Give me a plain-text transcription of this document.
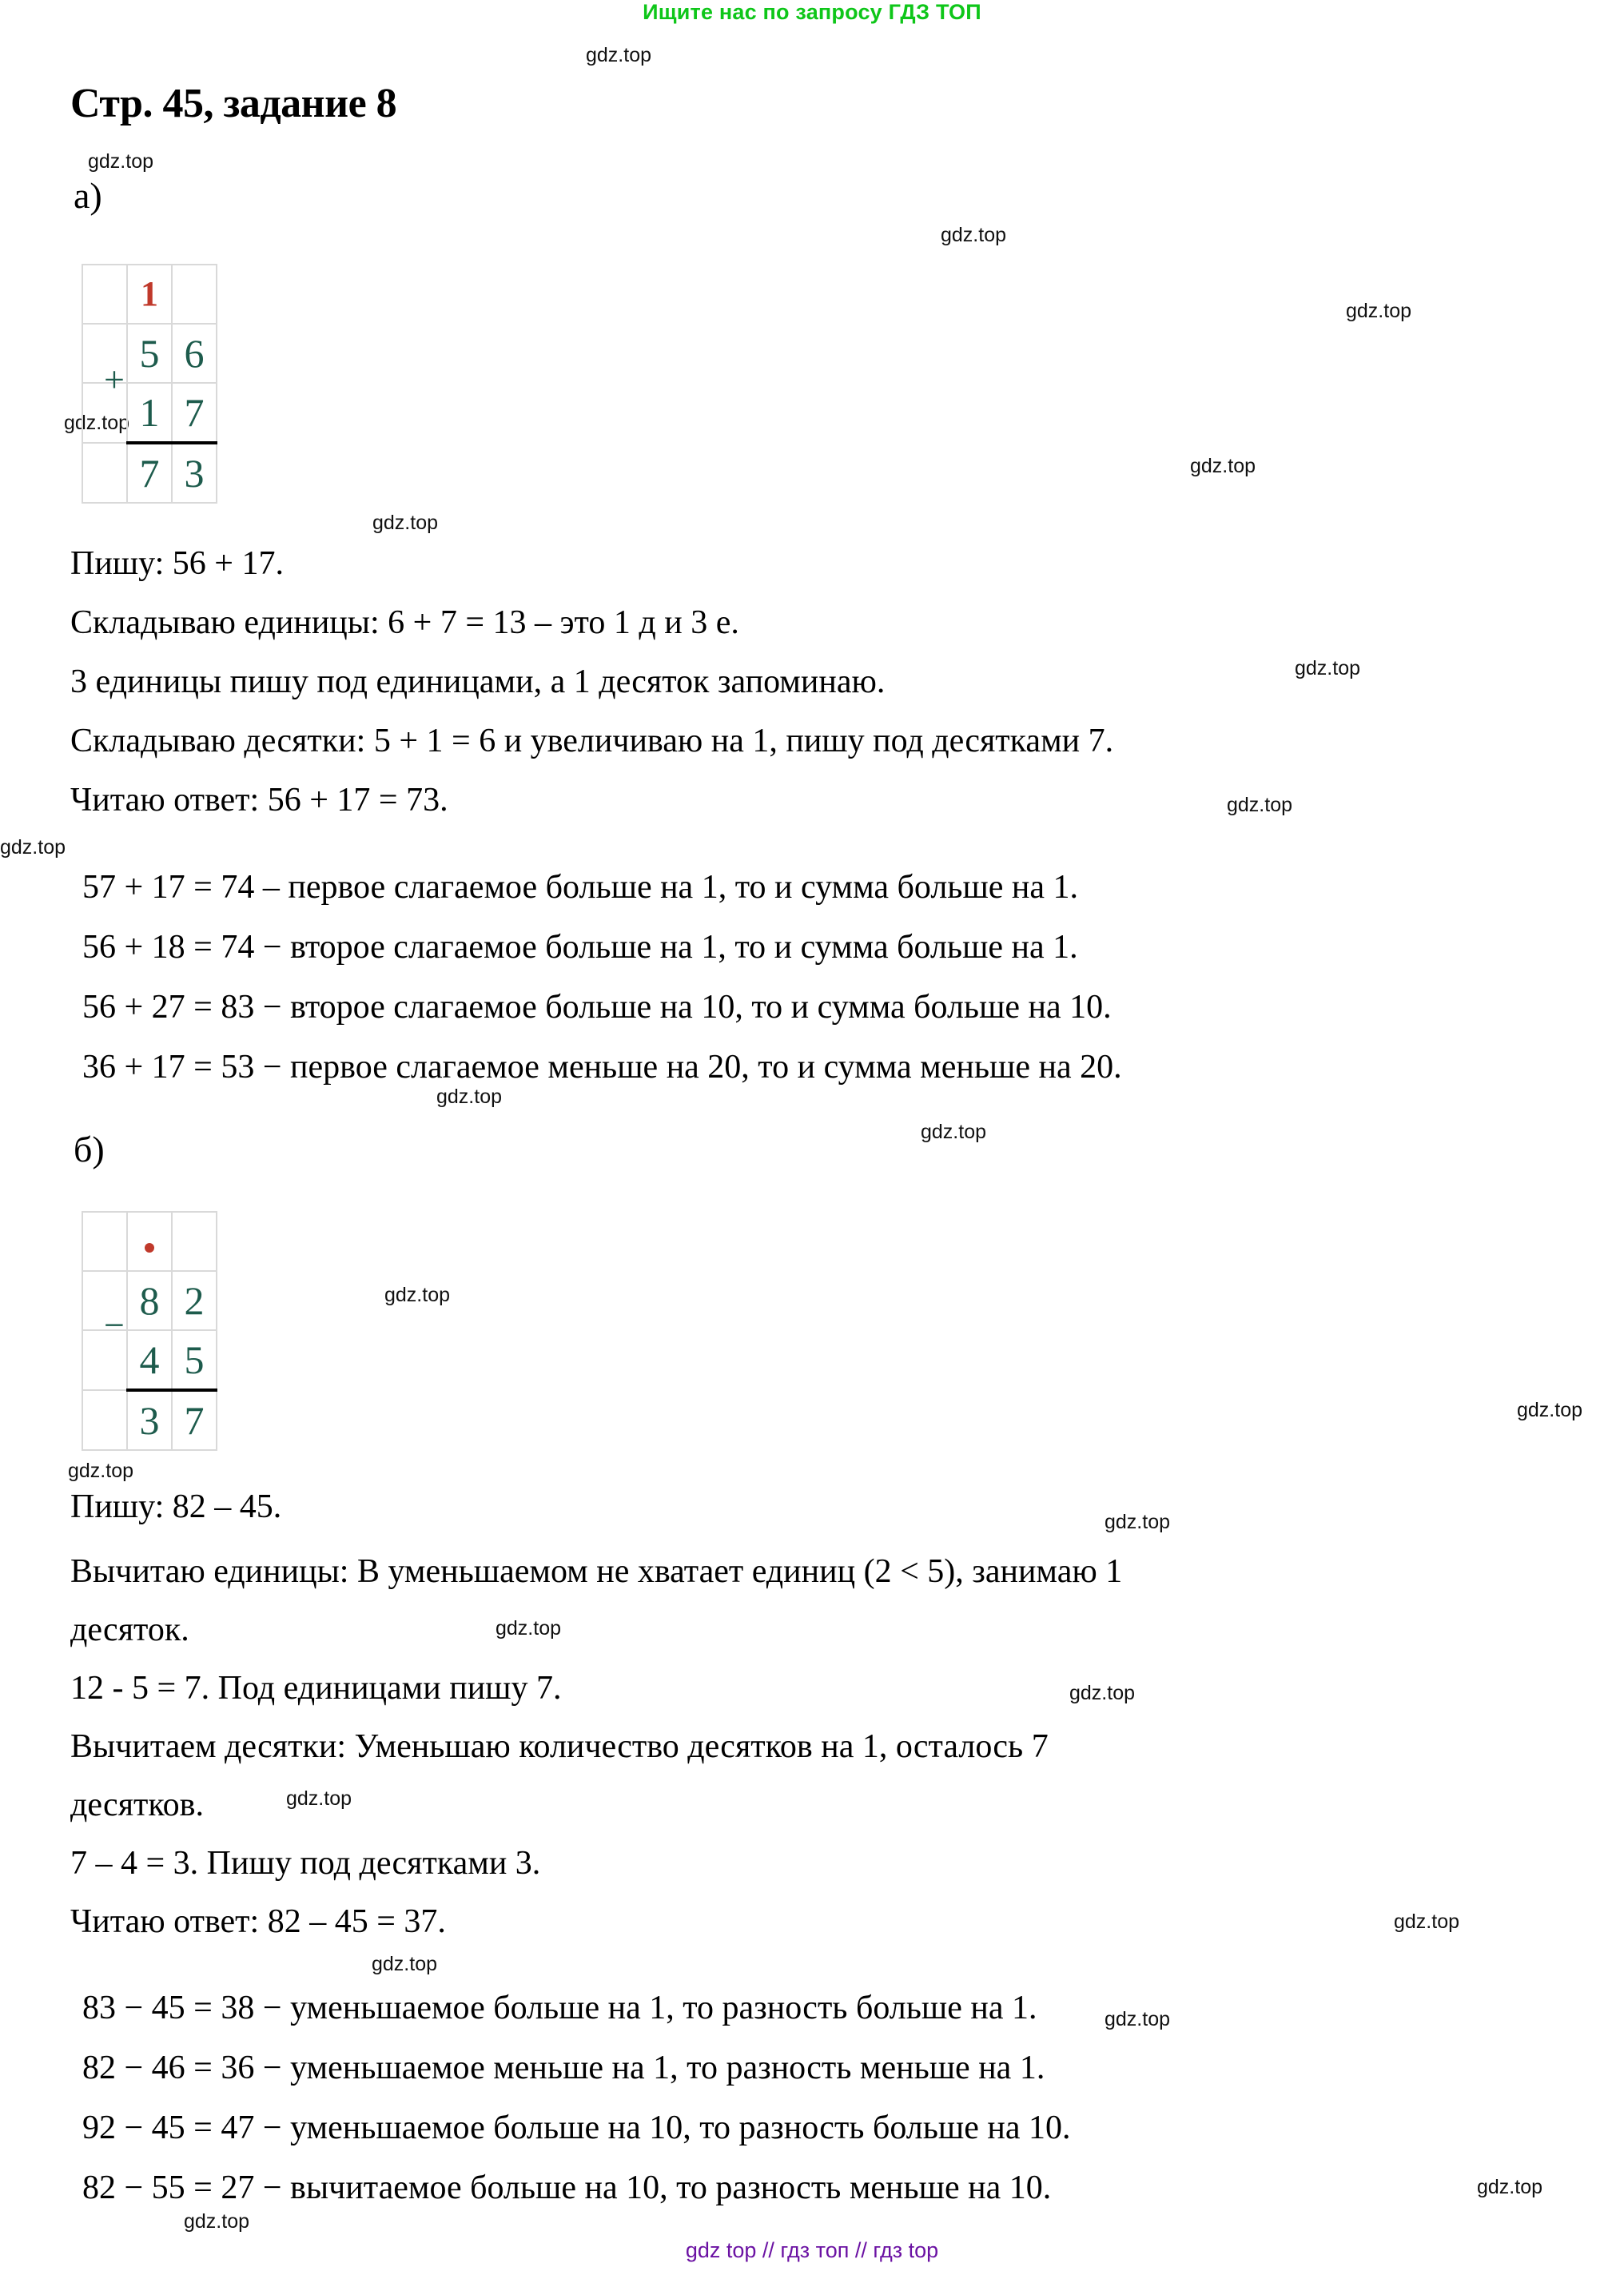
Ищите нас по запросу ГДЗ ТОП
Стр. 45, задание 8
gdz.top
gdz.top
gdz.top
gdz.top
gdz.top
gdz.top
gdz.top
gdz.top
gdz.top
gdz.top
gdz.top
gdz.top
gdz.top
gdz.top
gdz.top
gdz.top
gdz.top
gdz.top
gdz.top
gdz.top
gdz.top
gdz.top
gdz.top
gdz.top
а)
	1	
	5	6

+	1	7
	7	3
Пишу: 56 + 17.
Складываю единицы: 6 + 7 = 13 – это 1 д и 3 е.
3 единицы пишу под единицами, а 1 десяток запоминаю.
Складываю десятки: 5 + 1 = 6 и увеличиваю на 1, пишу под десятками 7.
Читаю ответ: 56 + 17 = 73.
57 + 17 = 74 – первое слагаемое больше на 1, то и сумма больше на 1.
56 + 18 = 74 − второе слагаемое больше на 1, то и сумма больше на 1.
56 + 27 = 83 − второе слагаемое больше на 10, то и сумма больше на 10.
36 + 17 = 53 − первое слагаемое меньше на 20, то и сумма меньше на 20.
б)

	8	2

−	4	5
	3	7
Пишу: 82 – 45.
Вычитаю единицы: В уменьшаемом не хватает единиц (2 < 5), занимаю 1
десяток.
12 - 5 = 7. Под единицами пишу 7.
Вычитаем десятки: Уменьшаю количество десятков на 1, осталось 7
десятков.
7 – 4 = 3. Пишу под десятками 3.
Читаю ответ: 82 – 45 = 37.
83 − 45 = 38 − уменьшаемое больше на 1, то разность больше на 1.
82 − 46 = 36 − уменьшаемое меньше на 1, то разность меньше на 1.
92 − 45 = 47 − уменьшаемое больше на 10, то разность больше на 10.
82 − 55 = 27 − вычитаемое больше на 10, то разность меньше на 10.
gdz top // гдз топ // гдз top
